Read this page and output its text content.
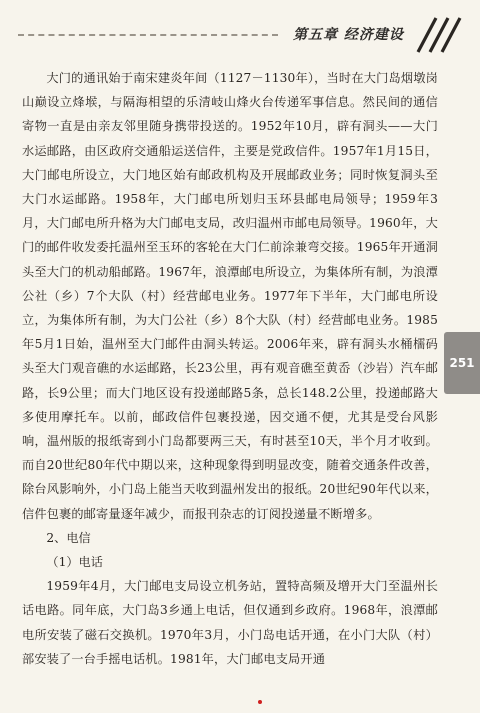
第五章 经济建设
251

大门的通讯始于南宋建炎年间（1127－1130年），当时在大门岛烟墩岗山巅设立烽堠，与隔海相望的乐清岐山烽火台传递军事信息。然民间的通信寄物一直是由亲友邻里随身携带投送的。1952年10月，辟有洞头——大门水运邮路，由区政府交通船运送信件，主要是党政信件。1957年1月15日，大门邮电所设立，大门地区始有邮政机构及开展邮政业务；同时恢复洞头至大门水运邮路。1958年，大门邮电所划归玉环县邮电局领导；1959年3月，大门邮电所升格为大门邮电支局，改归温州市邮电局领导。1960年，大门的邮件收发委托温州至玉环的客轮在大门仁前涂兼弯交接。1965年开通洞头至大门的机动船邮路。1967年，浪潭邮电所设立，为集体所有制，为浪潭公社（乡）7个大队（村）经营邮电业务。1977年下半年，大门邮电所设立，为集体所有制，为大门公社（乡）8个大队（村）经营邮电业务。1985年5月1日始，温州至大门邮件由洞头转运。2006年来，辟有洞头水桶檽码头至大门观音礁的水运邮路，长23公里，再有观音礁至黄岙（沙岩）汽车邮路，长9公里；而大门地区设有投递邮路5条，总长148.2公里，投递邮路大多使用摩托车。以前，邮政信件包裹投递，因交通不便，尤其是受台风影响，温州版的报纸寄到小门岛都要两三天，有时甚至10天，半个月才收到。而自20世纪80年代中期以来，这种现象得到明显改变，随着交通条件改善，除台风影响外，小门岛上能当天收到温州发出的报纸。20世纪90年代以来，信件包裹的邮寄量逐年减少，而报刊杂志的订阅投递量不断增多。

2、电信

（1）电话

1959年4月，大门邮电支局设立机务站，置特高频及增开大门至温州长话电路。同年底，大门岛3乡通上电话，但仅通到乡政府。1968年，浪潭邮电所安装了磁石交换机。1970年3月，小门岛电话开通，在小门大队（村）部安装了一台手摇电话机。1981年，大门邮电支局开通
